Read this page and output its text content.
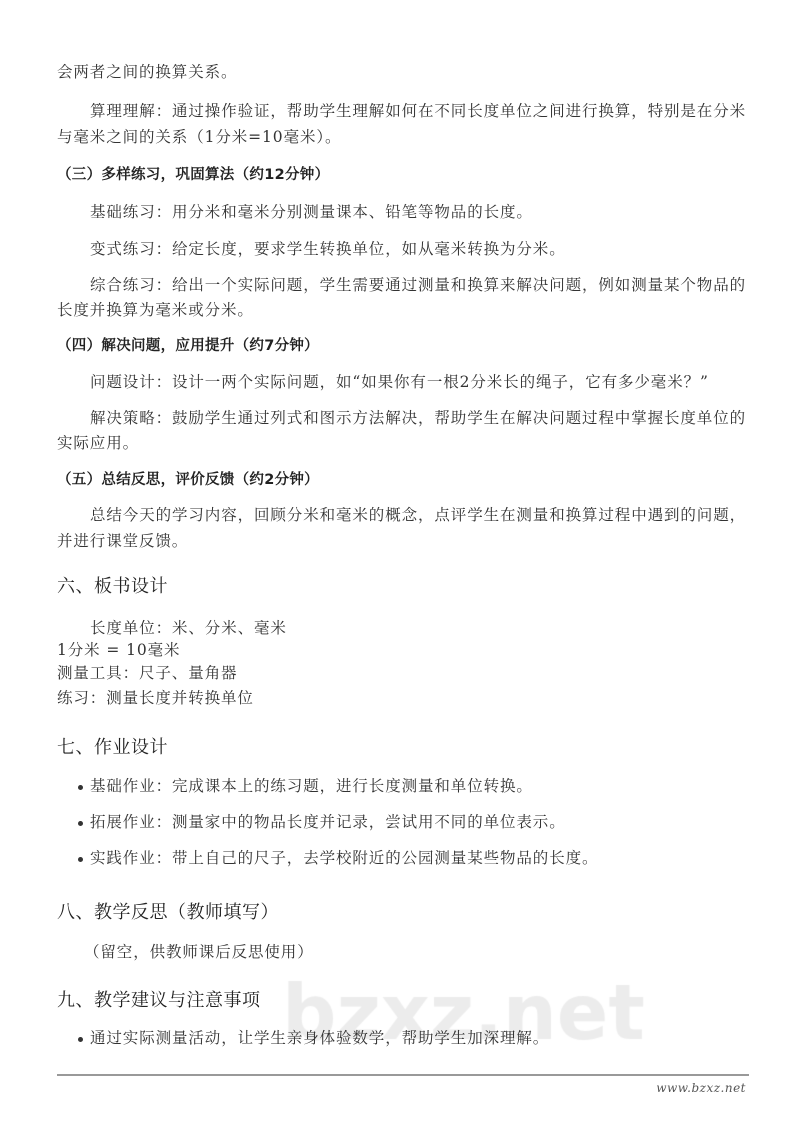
会两者之间的换算关系。
算理理解：通过操作验证，帮助学生理解如何在不同长度单位之间进行换算，特别是在分米
与毫米之间的关系（1分米=10毫米）。
（三）多样练习，巩固算法（约12分钟）
基础练习：用分米和毫米分别测量课本、铅笔等物品的长度。
变式练习：给定长度，要求学生转换单位，如从毫米转换为分米。
综合练习：给出一个实际问题，学生需要通过测量和换算来解决问题，例如测量某个物品的
长度并换算为毫米或分米。
（四）解决问题，应用提升（约7分钟）
问题设计：设计一两个实际问题，如“如果你有一根2分米长的绳子，它有多少毫米？”
解决策略：鼓励学生通过列式和图示方法解决，帮助学生在解决问题过程中掌握长度单位的
实际应用。
（五）总结反思，评价反馈（约2分钟）
总结今天的学习内容，回顾分米和毫米的概念，点评学生在测量和换算过程中遇到的问题，
并进行课堂反馈。
六、板书设计
长度单位：米、分米、毫米
1分米 = 10毫米
测量工具：尺子、量角器
练习：测量长度并转换单位
七、作业设计
基础作业：完成课本上的练习题，进行长度测量和单位转换。
拓展作业：测量家中的物品长度并记录，尝试用不同的单位表示。
实践作业：带上自己的尺子，去学校附近的公园测量某些物品的长度。
八、教学反思（教师填写）
（留空，供教师课后反思使用）
九、教学建议与注意事项
通过实际测量活动，让学生亲身体验数学，帮助学生加深理解。
www.bzxz.net
